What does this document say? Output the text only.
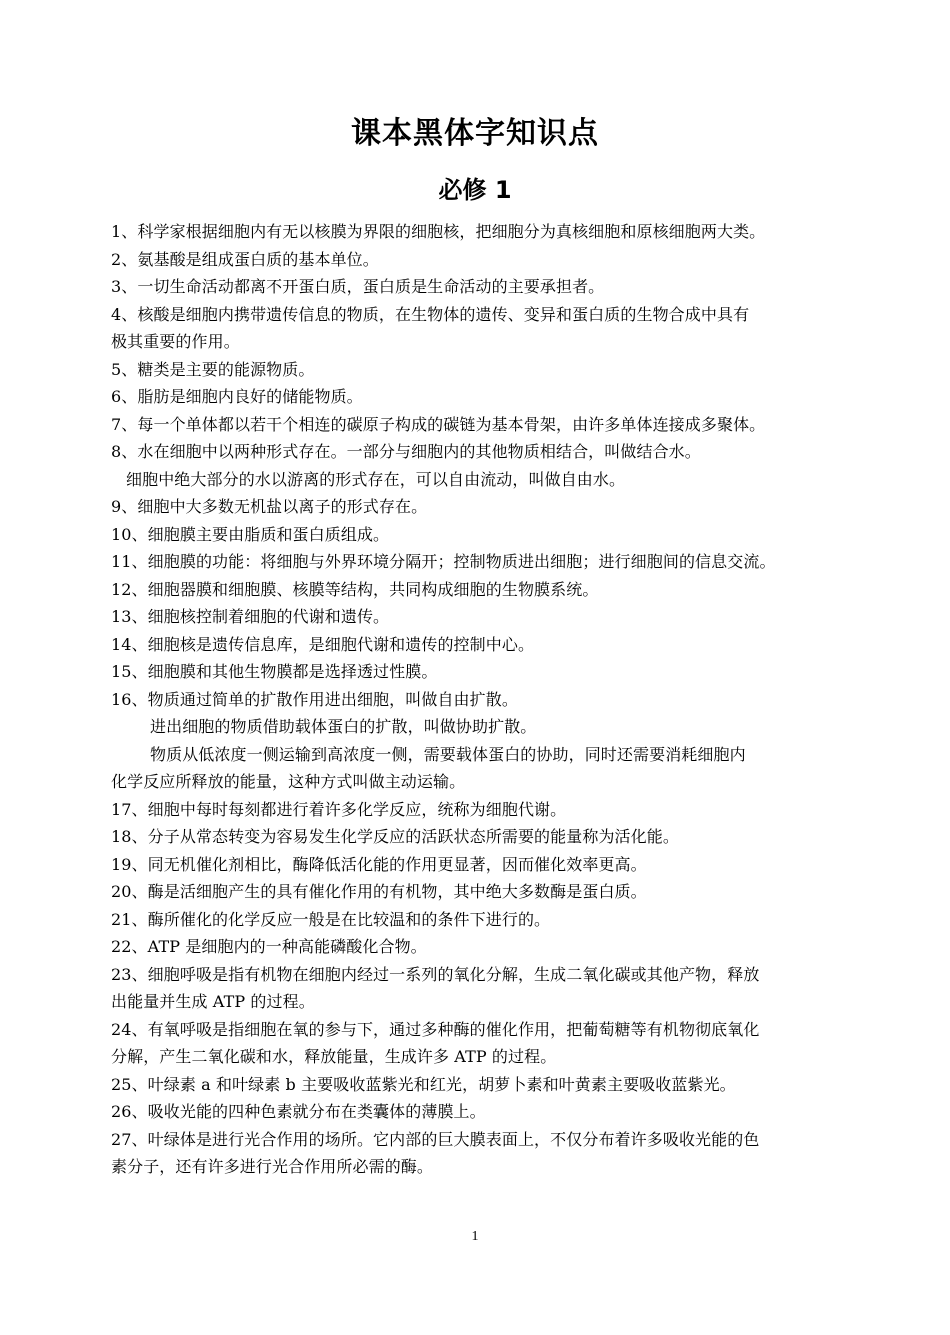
课本黑体字知识点
必修 1
1、科学家根据细胞内有无以核膜为界限的细胞核，把细胞分为真核细胞和原核细胞两大类。
2、氨基酸是组成蛋白质的基本单位。
3、一切生命活动都离不开蛋白质，蛋白质是生命活动的主要承担者。
4、核酸是细胞内携带遗传信息的物质，在生物体的遗传、变异和蛋白质的生物合成中具有
极其重要的作用。
5、糖类是主要的能源物质。
6、脂肪是细胞内良好的储能物质。
7、每一个单体都以若干个相连的碳原子构成的碳链为基本骨架，由许多单体连接成多聚体。
8、水在细胞中以两种形式存在。一部分与细胞内的其他物质相结合，叫做结合水。
细胞中绝大部分的水以游离的形式存在，可以自由流动，叫做自由水。
9、细胞中大多数无机盐以离子的形式存在。
10、细胞膜主要由脂质和蛋白质组成。
11、细胞膜的功能：将细胞与外界环境分隔开；控制物质进出细胞；进行细胞间的信息交流。
12、细胞器膜和细胞膜、核膜等结构，共同构成细胞的生物膜系统。
13、细胞核控制着细胞的代谢和遗传。
14、细胞核是遗传信息库，是细胞代谢和遗传的控制中心。
15、细胞膜和其他生物膜都是选择透过性膜。
16、物质通过简单的扩散作用进出细胞，叫做自由扩散。
进出细胞的物质借助载体蛋白的扩散，叫做协助扩散。
物质从低浓度一侧运输到高浓度一侧，需要载体蛋白的协助，同时还需要消耗细胞内
化学反应所释放的能量，这种方式叫做主动运输。
17、细胞中每时每刻都进行着许多化学反应，统称为细胞代谢。
18、分子从常态转变为容易发生化学反应的活跃状态所需要的能量称为活化能。
19、同无机催化剂相比，酶降低活化能的作用更显著，因而催化效率更高。
20、酶是活细胞产生的具有催化作用的有机物，其中绝大多数酶是蛋白质。
21、酶所催化的化学反应一般是在比较温和的条件下进行的。
22、ATP 是细胞内的一种高能磷酸化合物。
23、细胞呼吸是指有机物在细胞内经过一系列的氧化分解，生成二氧化碳或其他产物，释放
出能量并生成 ATP 的过程。
24、有氧呼吸是指细胞在氧的参与下，通过多种酶的催化作用，把葡萄糖等有机物彻底氧化
分解，产生二氧化碳和水，释放能量，生成许多 ATP 的过程。
25、叶绿素 a 和叶绿素 b 主要吸收蓝紫光和红光，胡萝卜素和叶黄素主要吸收蓝紫光。
26、吸收光能的四种色素就分布在类囊体的薄膜上。
27、叶绿体是进行光合作用的场所。它内部的巨大膜表面上，不仅分布着许多吸收光能的色
素分子，还有许多进行光合作用所必需的酶。
1
